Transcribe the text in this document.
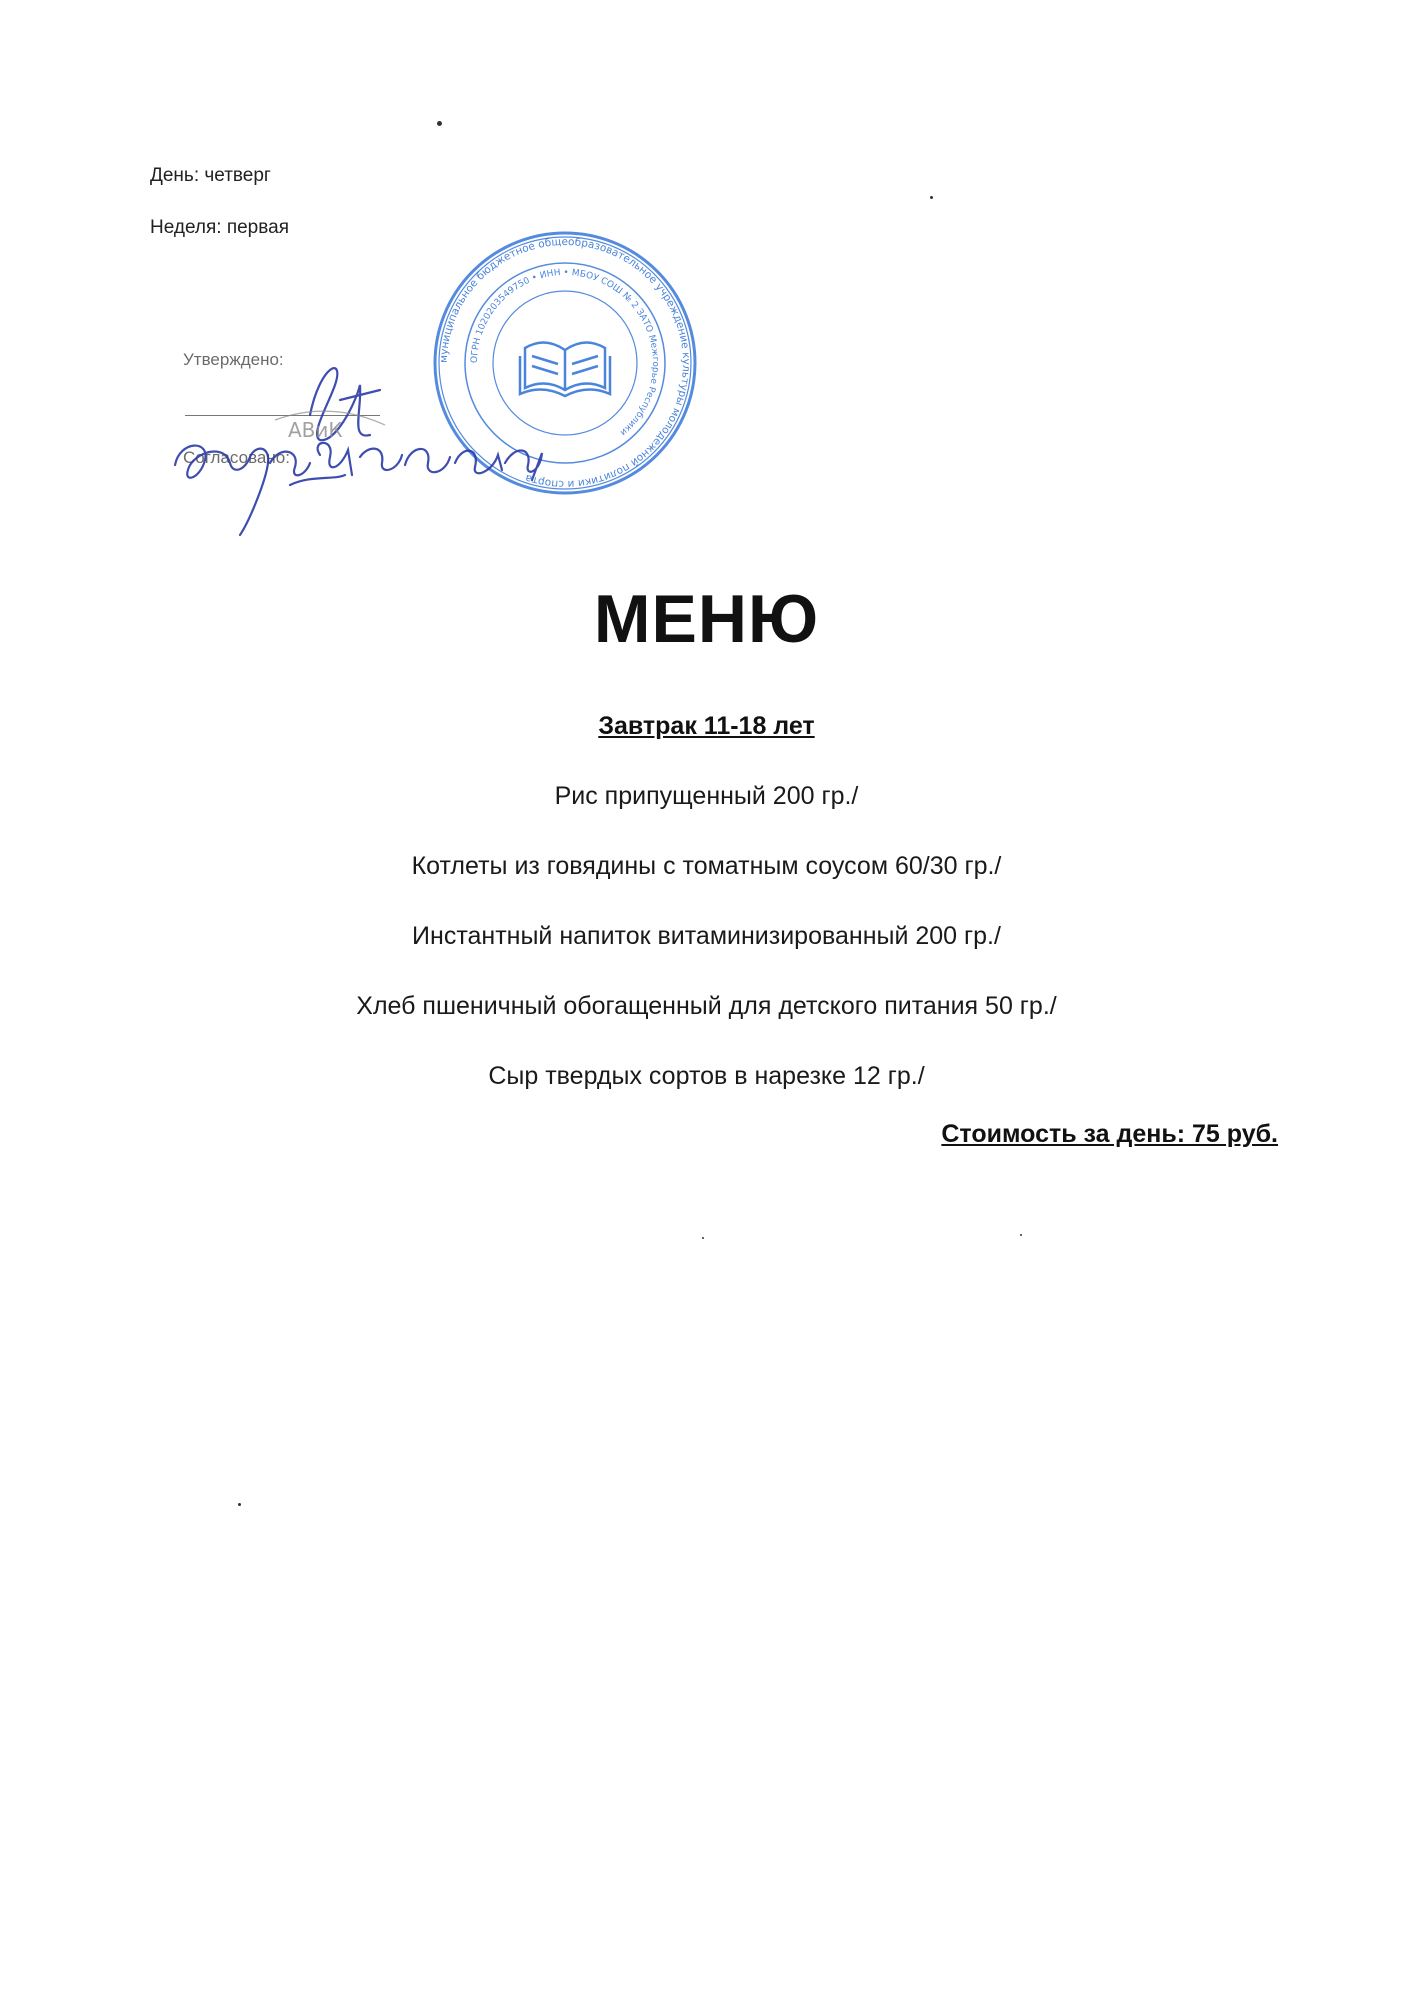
День: четверг
Неделя: первая
муниципальное бюджетное общеобразовательное учреждение культуры молодежной политики и спорта
ОГРН 1020203549750 • ИНН • МБОУ СОШ № 2 ЗАТО Межгорье Республики
Утверждено:
Согласовано:
АВиК
МЕНЮ
Завтрак 11-18 лет
Рис припущенный 200 гр./
Котлеты из говядины с томатным соусом 60/30 гр./
Инстантный напиток витаминизированный 200 гр./
Хлеб пшеничный обогащенный для детского питания 50 гр./
Сыр твердых сортов в нарезке 12 гр./
Стоимость за день: 75 руб.
